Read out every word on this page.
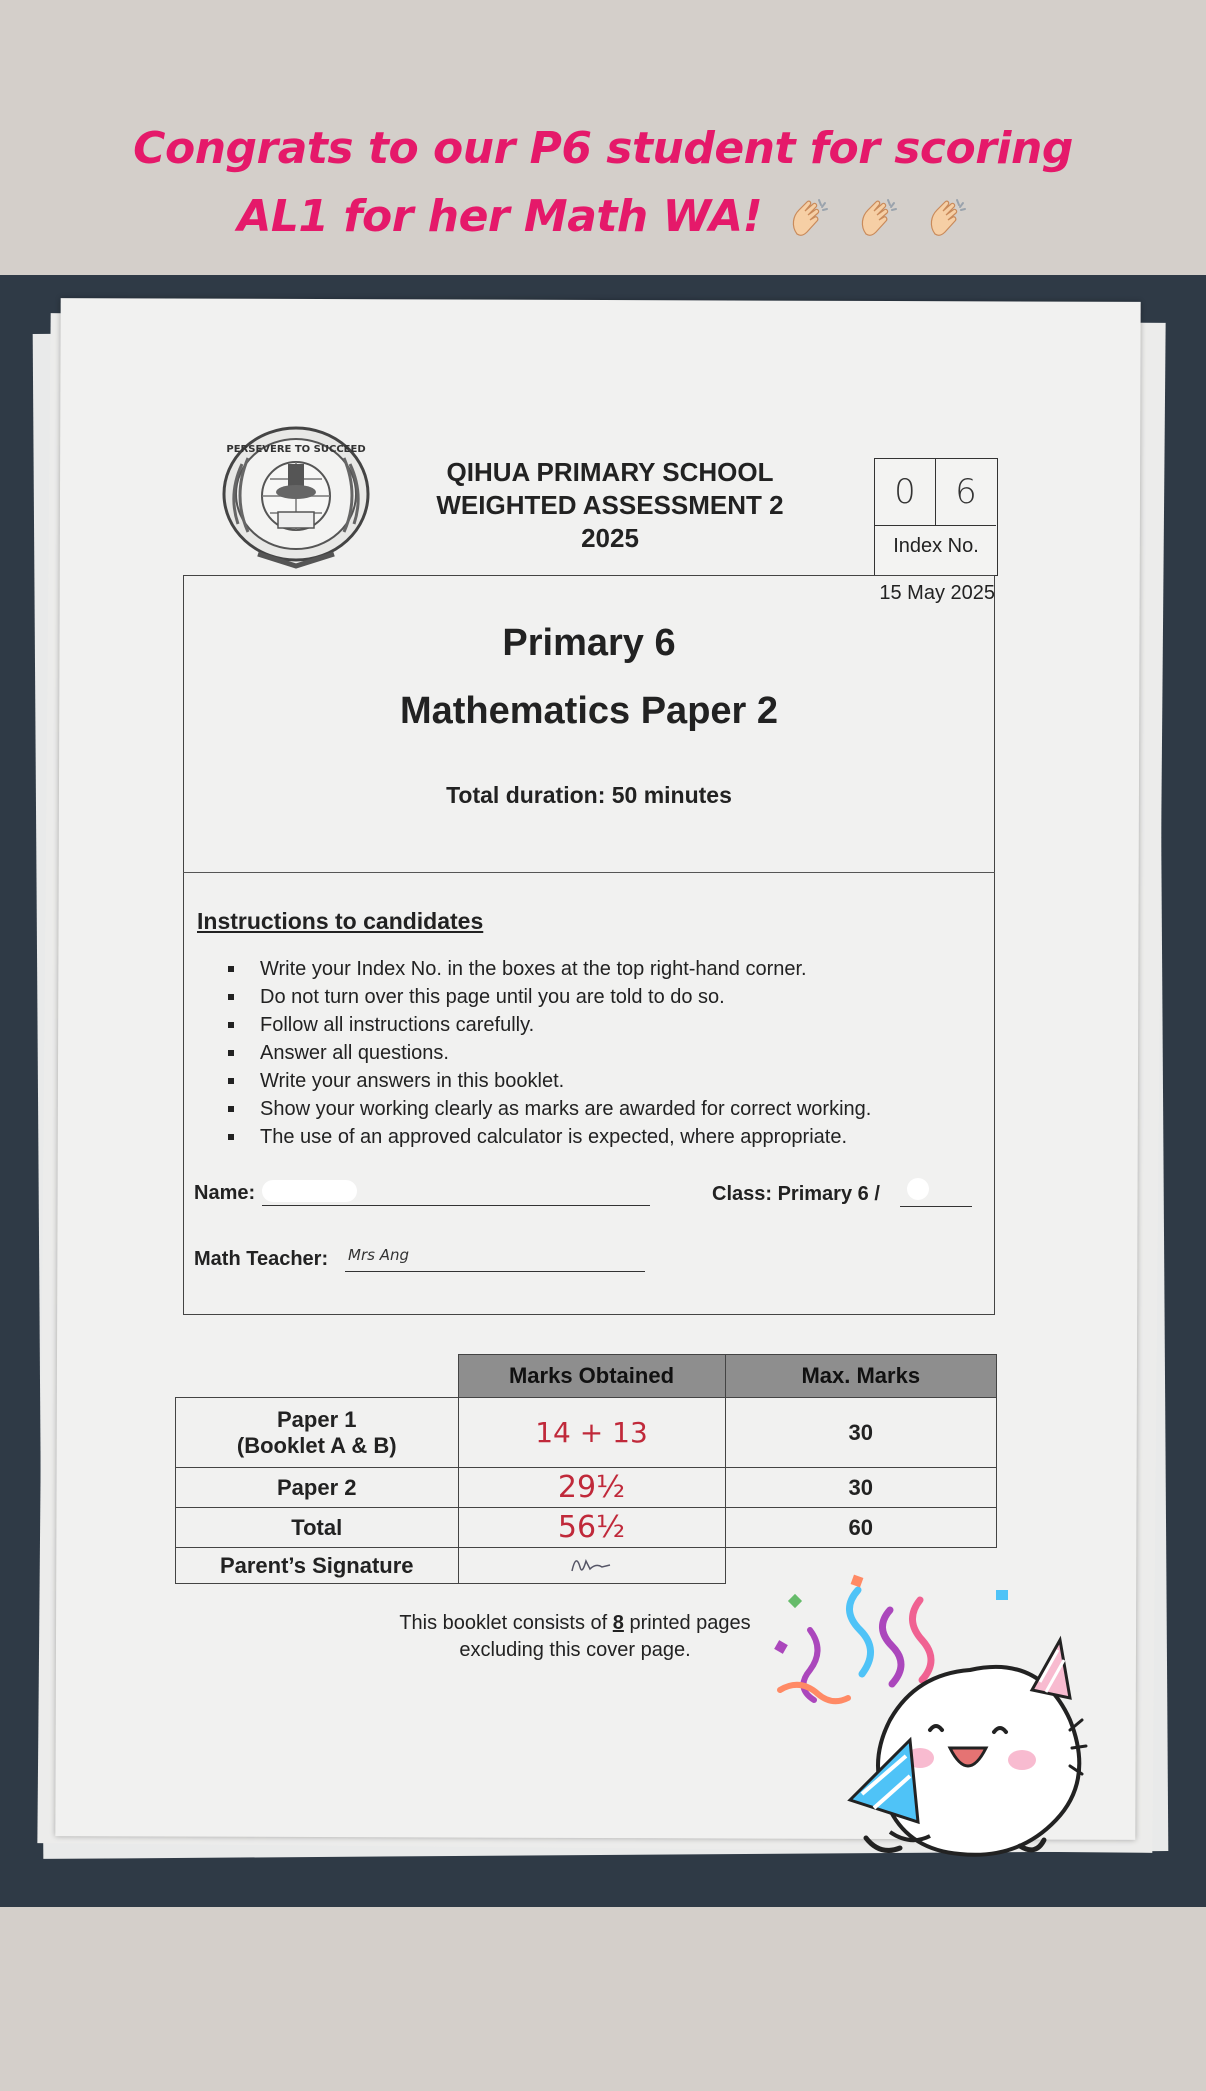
Congrats to our P6 student for scoring
AL1 for her Math WA!
PERSEVERE TO SUCCEED
QIHUA PRIMARY SCHOOL
WEIGHTED ASSESSMENT 2
2025
0	6
Index No.
15 May 2025
Primary 6
Mathematics Paper 2
Total duration: 50 minutes
Instructions to candidates
Write your Index No. in the boxes at the top right-hand corner.
Do not turn over this page until you are told to do so.
Follow all instructions carefully.
Answer all questions.
Write your answers in this booklet.
Show your working clearly as marks are awarded for correct working.
The use of an approved calculator is expected, where appropriate.
Name:	Class: Primary 6 /
Math Teacher: Mrs Ang
	Marks Obtained	Max. Marks
Paper 1
(Booklet A & B)	14 + 13	30
Paper 2	29½	30
Total	56½	60
Parent’s Signature		
This booklet consists of 8 printed pages
excluding this cover page.
